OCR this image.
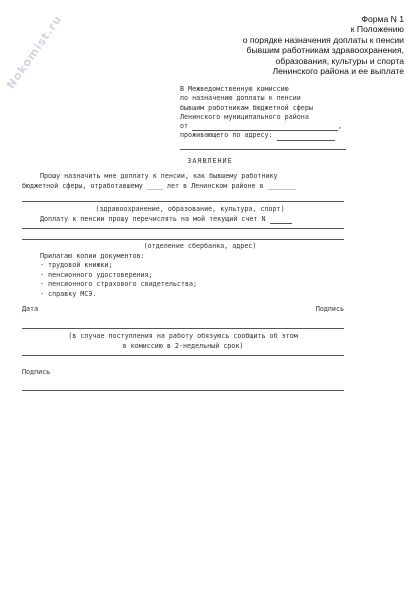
Nokomist.ru	Форма N 1
к Положению
о порядке назначения доплаты к пенсии
бывшим работникам здравоохранения,
образования, культуры и спорта
Ленинского района и ее выплате
В Межведомственную комиссию
по назначению доплаты к пенсии
бывшим работникам бюджетной сферы
Ленинского муниципального района
от	,
проживающего по адресу:
ЗАЯВЛЕНИЕ
Прошу назначить мне доплату к пенсии, как бывшему работнику
бюджетной сферы, отработавшему ____ лет в Ленинском районе в _______
(здравоохранение, образование, культура, спорт)
Доплату к пенсии прошу перечислять на мой текущий счет N
(отделение сбербанка, адрес)
Прилагаю копии документов:
- трудовой книжки;
- пенсионного удостоверения;
- пенсионного страхового свидетельства;
- справку МСЭ.
Дата	Подпись
(в случае поступления на работу обязуюсь сообщить об этом
в комиссию в 2-недельный срок)
Подпись
